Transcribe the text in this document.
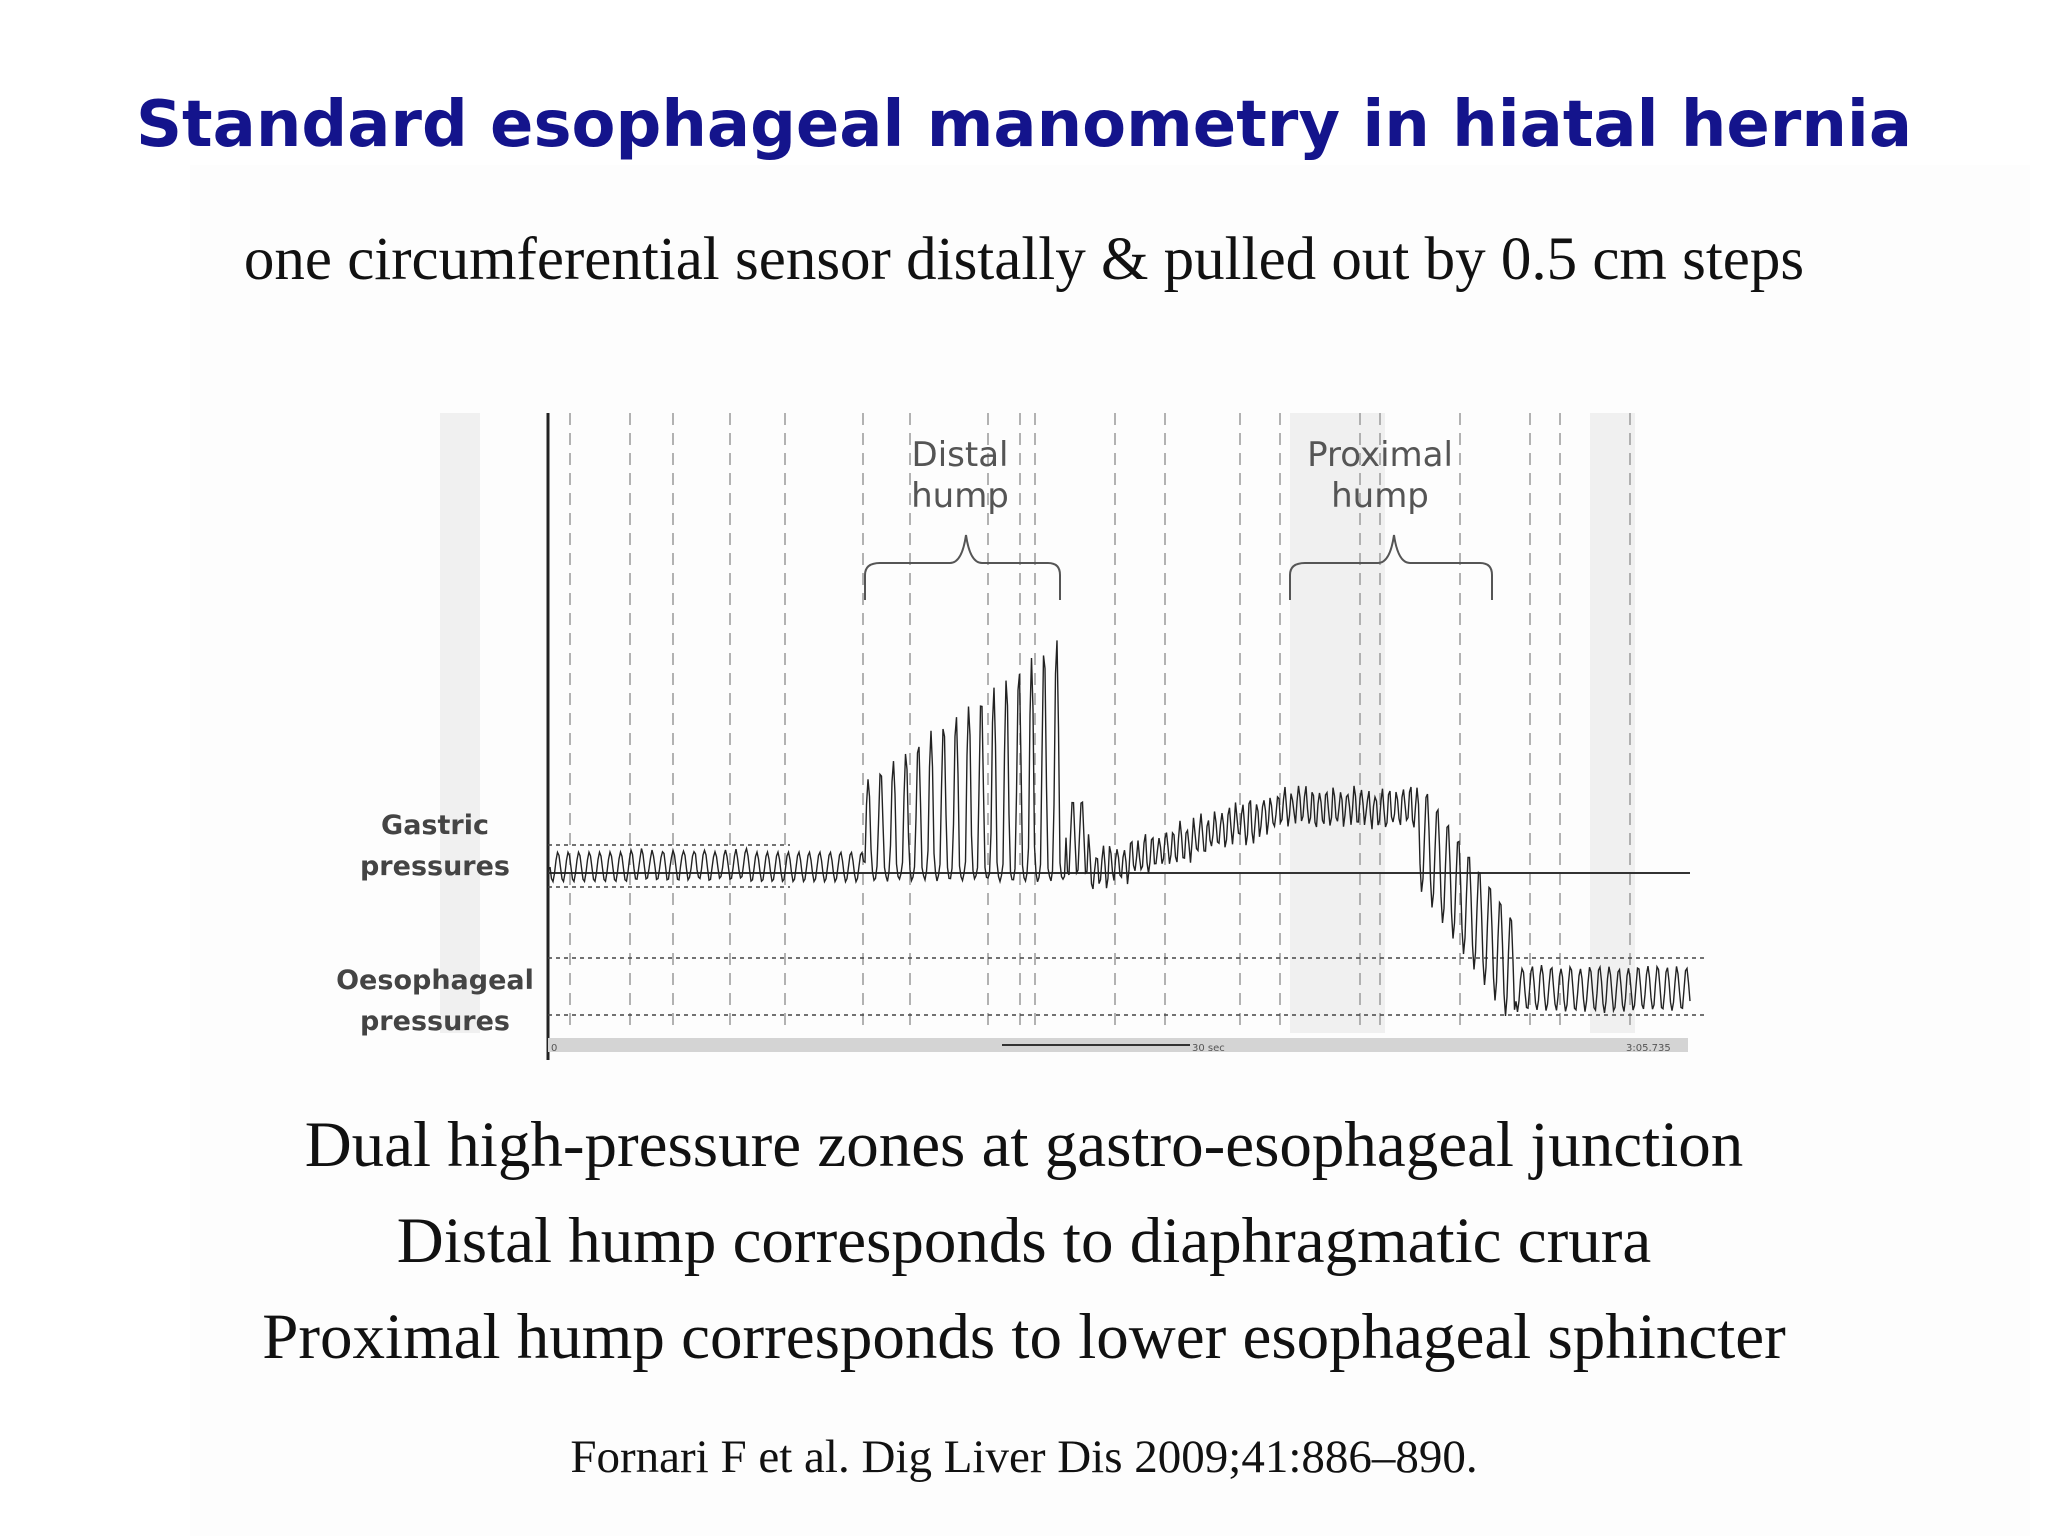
Standard esophageal manometry in hiatal hernia
one circumferential sensor distally & pulled out by 0.5 cm steps
Gastric
pressures
Oesophageal
pressures
Distal
hump
Proximal
hump
0	30 sec	3:05.735
Dual high-pressure zones at gastro-esophageal junction
Distal hump corresponds to diaphragmatic crura
Proximal hump corresponds to lower esophageal sphincter
Fornari F et al. Dig Liver Dis 2009;41:886–890.
